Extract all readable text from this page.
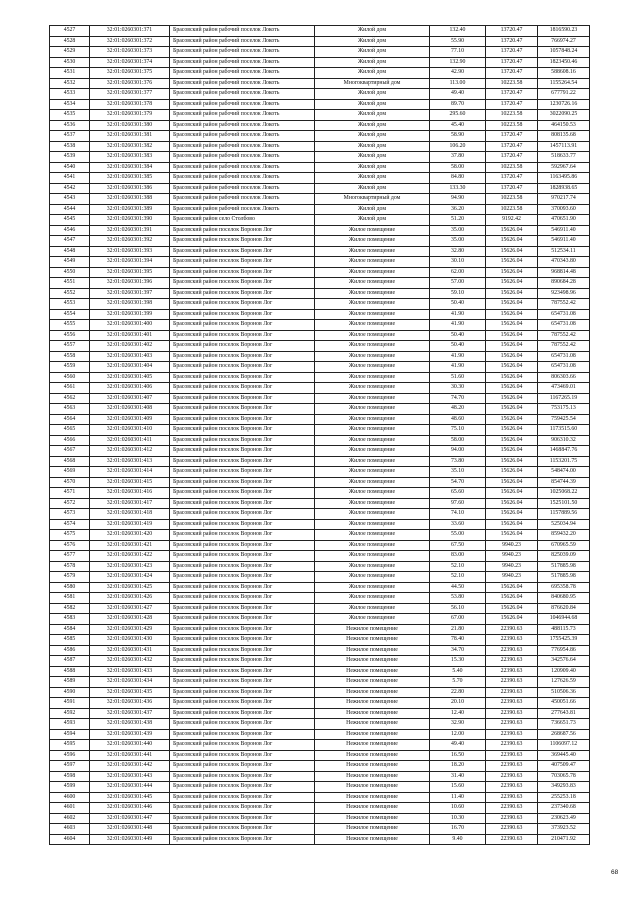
4527	32:01:0260301:371	Брасовский район рабочий поселок Локоть	Жилой дом	132.40	13720.47	1816590.23
4528	32:01:0260301:372	Брасовский район рабочий поселок Локоть	Жилой дом	55.90	13720.47	766974.27
4529	32:01:0260301:373	Брасовский район рабочий поселок Локоть	Жилой дом	77.10	13720.47	1057848.24
4530	32:01:0260301:374	Брасовский район рабочий поселок Локоть	Жилой дом	132.90	13720.47	1823450.46
4531	32:01:0260301:375	Брасовский район рабочий поселок Локоть	Жилой дом	42.90	13720.47	588608.16
4532	32:01:0260301:376	Брасовский район рабочий поселок Локоть	Многоквартирный дом	113.00	10223.58	1155264.54
4533	32:01:0260301:377	Брасовский район рабочий поселок Локоть	Жилой дом	49.40	13720.47	677791.22
4534	32:01:0260301:378	Брасовский район рабочий поселок Локоть	Жилой дом	89.70	13720.47	1230726.16
4535	32:01:0260301:379	Брасовский район рабочий поселок Локоть	Жилой дом	295.60	10223.58	3022090.25
4536	32:01:0260301:380	Брасовский район рабочий поселок Локоть	Жилой дом	45.40	10223.58	464150.53
4537	32:01:0260301:381	Брасовский район рабочий поселок Локоть	Жилой дом	58.90	13720.47	808135.68
4538	32:01:0260301:382	Брасовский район рабочий поселок Локоть	Жилой дом	106.20	13720.47	1457113.91
4539	32:01:0260301:383	Брасовский район рабочий поселок Локоть	Жилой дом	37.80	13720.47	518633.77
4540	32:01:0260301:384	Брасовский район рабочий поселок Локоть	Жилой дом	58.00	10223.58	592967.64
4541	32:01:0260301:385	Брасовский район рабочий поселок Локоть	Жилой дом	84.80	13720.47	1163495.86
4542	32:01:0260301:386	Брасовский район рабочий поселок Локоть	Жилой дом	133.30	13720.47	1828938.65
4543	32:01:0260301:388	Брасовский район рабочий поселок Локоть	Многоквартирный дом	94.90	10223.58	970217.74
4544	32:01:0260301:389	Брасовский район рабочий поселок Локоть	Жилой дом	36.20	10223.58	370093.60
4545	32:01:0260301:390	Брасовский район село Столбово	Жилой дом	51.20	9192.42	470651.90
4546	32:01:0260301:391	Брасовский район поселок Воронов Лог	Жилое помещение	35.00	15626.04	546911.40
4547	32:01:0260301:392	Брасовский район поселок Воронов Лог	Жилое помещение	35.00	15626.04	546911.40
4548	32:01:0260301:393	Брасовский район поселок Воронов Лог	Жилое помещение	32.80	15626.04	512534.11
4549	32:01:0260301:394	Брасовский район поселок Воронов Лог	Жилое помещение	30.10	15626.04	470343.80
4550	32:01:0260301:395	Брасовский район поселок Воронов Лог	Жилое помещение	62.00	15626.04	968814.48
4551	32:01:0260301:396	Брасовский район поселок Воронов Лог	Жилое помещение	57.00	15626.04	890684.28
4552	32:01:0260301:397	Брасовский район поселок Воронов Лог	Жилое помещение	59.10	15626.04	923498.96
4553	32:01:0260301:398	Брасовский район поселок Воронов Лог	Жилое помещение	50.40	15626.04	787552.42
4554	32:01:0260301:399	Брасовский район поселок Воронов Лог	Жилое помещение	41.90	15626.04	654731.08
4555	32:01:0260301:400	Брасовский район поселок Воронов Лог	Жилое помещение	41.90	15626.04	654731.08
4556	32:01:0260301:401	Брасовский район поселок Воронов Лог	Жилое помещение	50.40	15626.04	787552.42
4557	32:01:0260301:402	Брасовский район поселок Воронов Лог	Жилое помещение	50.40	15626.04	787552.42
4558	32:01:0260301:403	Брасовский район поселок Воронов Лог	Жилое помещение	41.90	15626.04	654731.08
4559	32:01:0260301:404	Брасовский район поселок Воронов Лог	Жилое помещение	41.90	15626.04	654731.08
4560	32:01:0260301:405	Брасовский район поселок Воронов Лог	Жилое помещение	51.60	15626.04	806303.66
4561	32:01:0260301:406	Брасовский район поселок Воронов Лог	Жилое помещение	30.30	15626.04	473469.01
4562	32:01:0260301:407	Брасовский район поселок Воронов Лог	Жилое помещение	74.70	15626.04	1167265.19
4563	32:01:0260301:408	Брасовский район поселок Воронов Лог	Жилое помещение	48.20	15626.04	753175.13
4564	32:01:0260301:409	Брасовский район поселок Воронов Лог	Жилое помещение	48.60	15626.04	759425.54
4565	32:01:0260301:410	Брасовский район поселок Воронов Лог	Жилое помещение	75.10	15626.04	1173515.60
4566	32:01:0260301:411	Брасовский район поселок Воронов Лог	Жилое помещение	58.00	15626.04	906310.32
4567	32:01:0260301:412	Брасовский район поселок Воронов Лог	Жилое помещение	94.00	15626.04	1468847.76
4568	32:01:0260301:413	Брасовский район поселок Воронов Лог	Жилое помещение	73.80	15626.04	1153201.75
4569	32:01:0260301:414	Брасовский район поселок Воронов Лог	Жилое помещение	35.10	15626.04	548474.00
4570	32:01:0260301:415	Брасовский район поселок Воронов Лог	Жилое помещение	54.70	15626.04	854744.39
4571	32:01:0260301:416	Брасовский район поселок Воронов Лог	Жилое помещение	65.60	15626.04	1025068.22
4572	32:01:0260301:417	Брасовский район поселок Воронов Лог	Жилое помещение	97.60	15626.04	1525101.50
4573	32:01:0260301:418	Брасовский район поселок Воронов Лог	Жилое помещение	74.10	15626.04	1157889.56
4574	32:01:0260301:419	Брасовский район поселок Воронов Лог	Жилое помещение	33.60	15626.04	525034.94
4575	32:01:0260301:420	Брасовский район поселок Воронов Лог	Жилое помещение	55.00	15626.04	859432.20
4576	32:01:0260301:421	Брасовский район поселок Воронов Лог	Жилое помещение	67.50	9940.23	670965.59
4577	32:01:0260301:422	Брасовский район поселок Воронов Лог	Жилое помещение	83.00	9940.23	825039.09
4578	32:01:0260301:423	Брасовский район поселок Воронов Лог	Жилое помещение	52.10	9940.23	517885.98
4579	32:01:0260301:424	Брасовский район поселок Воронов Лог	Жилое помещение	52.10	9940.23	517885.98
4580	32:01:0260301:425	Брасовский район поселок Воронов Лог	Жилое помещение	44.50	15626.04	695358.78
4581	32:01:0260301:426	Брасовский район поселок Воронов Лог	Жилое помещение	53.80	15626.04	840680.95
4582	32:01:0260301:427	Брасовский район поселок Воронов Лог	Жилое помещение	56.10	15626.04	876620.84
4583	32:01:0260301:428	Брасовский район поселок Воронов Лог	Жилое помещение	67.00	15626.04	1046944.68
4584	32:01:0260301:429	Брасовский район поселок Воронов Лог	Нежилое помещение	21.80	22390.63	488115.73
4585	32:01:0260301:430	Брасовский район поселок Воронов Лог	Нежилое помещение	78.40	22390.63	1755425.39
4586	32:01:0260301:431	Брасовский район поселок Воронов Лог	Нежилое помещение	34.70	22390.63	776954.86
4587	32:01:0260301:432	Брасовский район поселок Воронов Лог	Нежилое помещение	15.30	22390.63	342576.64
4588	32:01:0260301:433	Брасовский район поселок Воронов Лог	Нежилое помещение	5.40	22390.63	120909.40
4589	32:01:0260301:434	Брасовский район поселок Воронов Лог	Нежилое помещение	5.70	22390.63	127626.59
4590	32:01:0260301:435	Брасовский район поселок Воронов Лог	Нежилое помещение	22.80	22390.63	510506.36
4591	32:01:0260301:436	Брасовский район поселок Воронов Лог	Нежилое помещение	20.10	22390.63	450051.66
4592	32:01:0260301:437	Брасовский район поселок Воронов Лог	Нежилое помещение	12.40	22390.63	277643.81
4593	32:01:0260301:438	Брасовский район поселок Воронов Лог	Нежилое помещение	32.90	22390.63	736651.73
4594	32:01:0260301:439	Брасовский район поселок Воронов Лог	Нежилое помещение	12.00	22390.63	268687.56
4595	32:01:0260301:440	Брасовский район поселок Воронов Лог	Нежилое помещение	49.40	22390.63	1106097.12
4596	32:01:0260301:441	Брасовский район поселок Воронов Лог	Нежилое помещение	16.50	22390.63	369445.40
4597	32:01:0260301:442	Брасовский район поселок Воронов Лог	Нежилое помещение	18.20	22390.63	407509.47
4598	32:01:0260301:443	Брасовский район поселок Воронов Лог	Нежилое помещение	31.40	22390.63	703065.78
4599	32:01:0260301:444	Брасовский район поселок Воронов Лог	Нежилое помещение	15.60	22390.63	349293.83
4600	32:01:0260301:445	Брасовский район поселок Воронов Лог	Нежилое помещение	11.40	22390.63	255253.18
4601	32:01:0260301:446	Брасовский район поселок Воронов Лог	Нежилое помещение	10.60	22390.63	237340.68
4602	32:01:0260301:447	Брасовский район поселок Воронов Лог	Нежилое помещение	10.30	22390.63	230623.49
4603	32:01:0260301:448	Брасовский район поселок Воронов Лог	Нежилое помещение	16.70	22390.63	373923.52
4604	32:01:0260301:449	Брасовский район поселок Воронов Лог	Нежилое помещение	9.40	22390.63	210471.92
68
